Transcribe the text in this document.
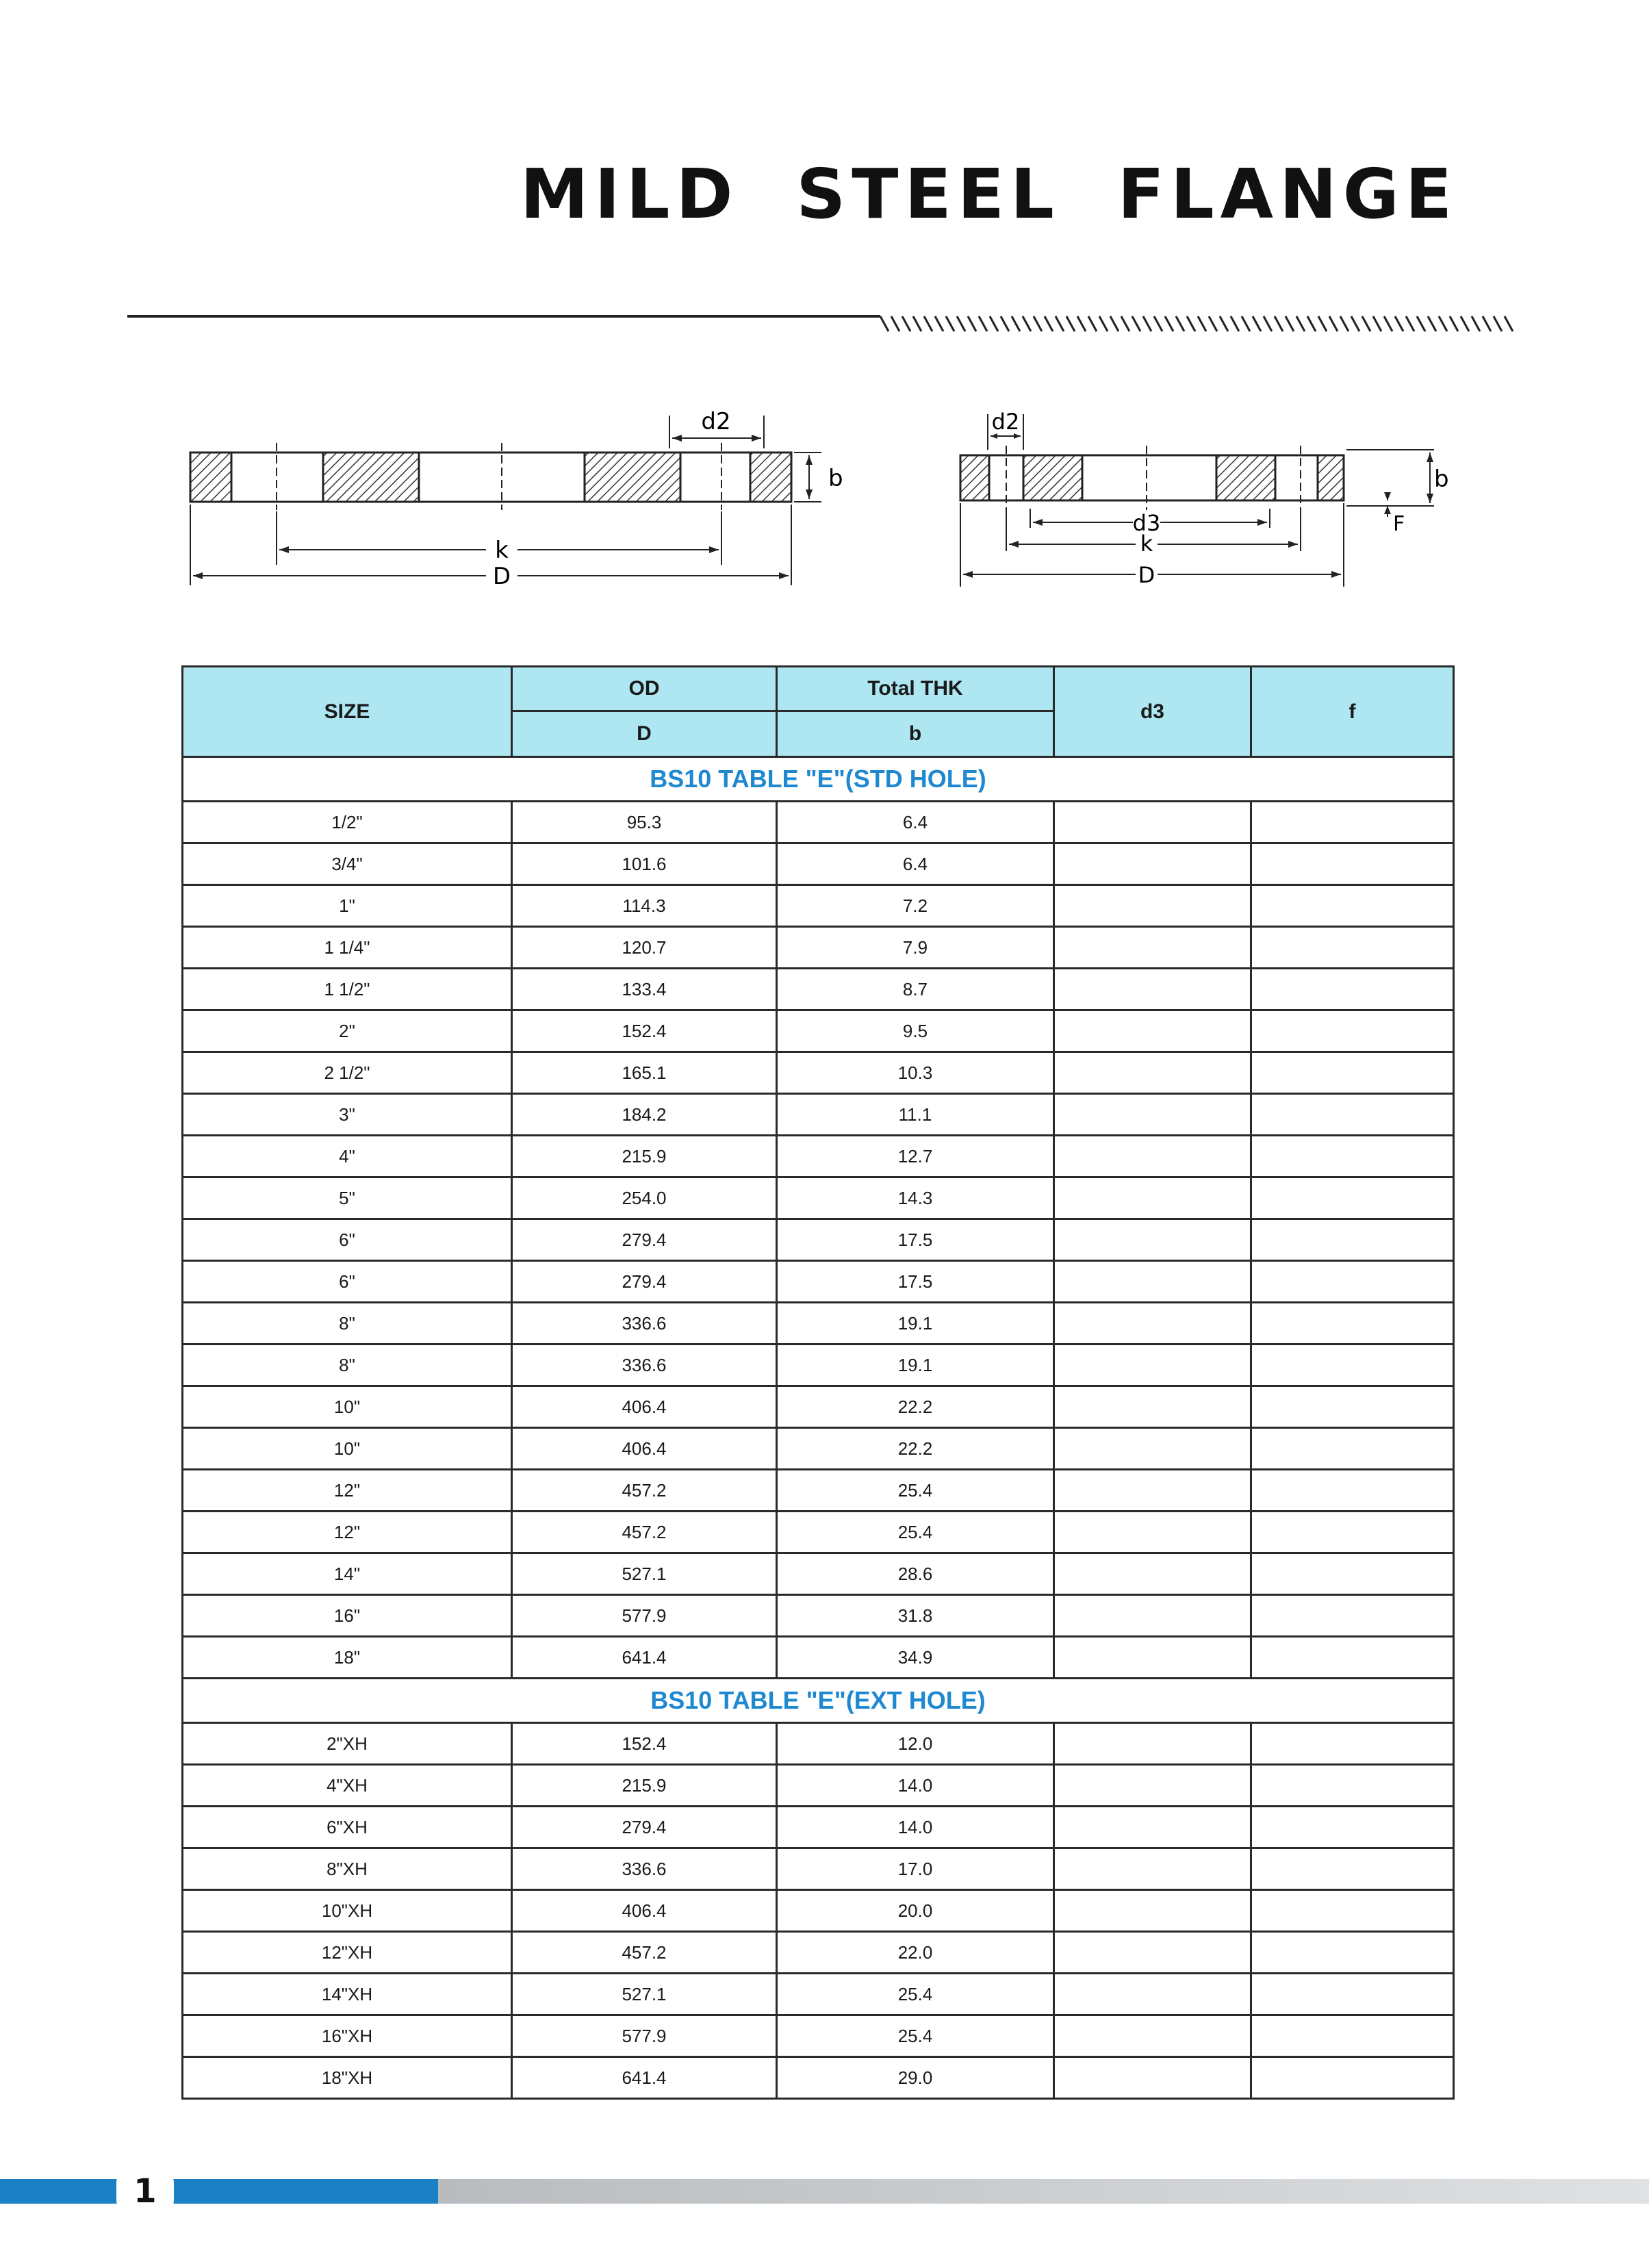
MILD STEEL FLANGE
d2
b
k
D
d2
b
F
d3
k
D
SIZE	OD	Total THK	d3	f
	D	b		
BS10 TABLE "E"(STD HOLE)				
1/2"	95.3	6.4		
3/4"	101.6	6.4		
1"	114.3	7.2		
1 1/4"	120.7	7.9		
1 1/2"	133.4	8.7		
2"	152.4	9.5		
2 1/2"	165.1	10.3		
3"	184.2	11.1		
4"	215.9	12.7		
5"	254.0	14.3		
6"	279.4	17.5		
6"	279.4	17.5		
8"	336.6	19.1		
8"	336.6	19.1		
10"	406.4	22.2		
10"	406.4	22.2		
12"	457.2	25.4		
12"	457.2	25.4		
14"	527.1	28.6		
16"	577.9	31.8		
18"	641.4	34.9		
BS10 TABLE "E"(EXT HOLE)				
2"XH	152.4	12.0		
4"XH	215.9	14.0		
6"XH	279.4	14.0		
8"XH	336.6	17.0		
10"XH	406.4	20.0		
12"XH	457.2	22.0		
14"XH	527.1	25.4		
16"XH	577.9	25.4		
18"XH	641.4	29.0		
1
